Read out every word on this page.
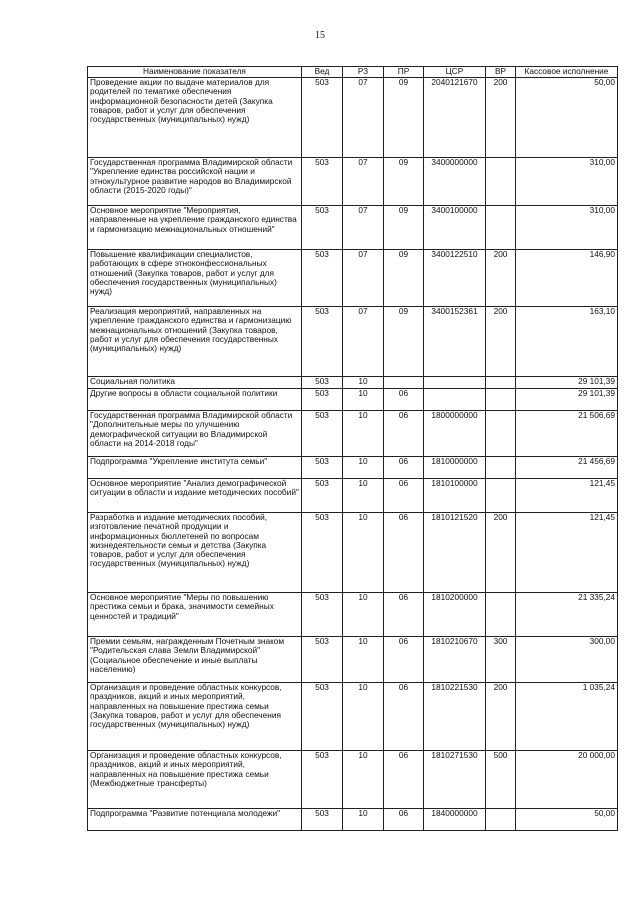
15
Наименование показателя	Вед	РЗ	ПР	ЦСР	ВР	Кассовое исполнение
Проведение акции по выдаче материалов для родителей по тематике обеспечения информационной безопасности детей (Закупка товаров, работ и услуг для обеспечения государственных (муниципальных) нужд)	503	07	09	2040121670	200	50,00
Государственная программа Владимирской области "Укрепление единства российской нации и этнокультурное развитие народов во Владимирской области (2015-2020 годы)"	503	07	09	3400000000		310,00
Основное мероприятие "Мероприятия, направленные на укрепление гражданского единства и гармонизацию межнациональных отношений"	503	07	09	3400100000		310,00
Повышение квалификации специалистов, работающих в сфере этноконфессиональных отношений (Закупка товаров, работ и услуг для обеспечения государственных (муниципальных) нужд)	503	07	09	3400122510	200	146,90
Реализация мероприятий, направленных на укрепление гражданского единства и гармонизацию межнациональных отношений (Закупка товаров, работ и услуг для обеспечения государственных (муниципальных) нужд)	503	07	09	3400152361	200	163,10
Социальная политика	503	10				29 101,39
Другие вопросы в области социальной политики	503	10	06			29 101,39
Государственная программа Владимирской области "Дополнительные меры по улучшению демографической ситуации во Владимирской области на 2014-2018 годы"	503	10	06	1800000000		21 506,69
Подпрограмма "Укрепление института семьи"	503	10	06	1810000000		21 456,69
Основное мероприятие "Анализ демографической ситуации в области и издание методических пособий"	503	10	06	1810100000		121,45
Разработка и издание методических пособий, изготовление печатной продукции и информационных бюллетеней по вопросам жизнедеятельности семьи и детства (Закупка товаров, работ и услуг для обеспечения государственных (муниципальных) нужд)	503	10	06	1810121520	200	121,45
Основное мероприятие "Меры по повышению престижа семьи и брака, значимости семейных ценностей и традиций"	503	10	06	1810200000		21 335,24
Премии семьям, награжденным Почетным знаком "Родительская слава Земли Владимирской" (Социальное обеспечение и иные выплаты населению)	503	10	06	1810210670	300	300,00
Организация и проведение областных конкурсов, праздников, акций и иных мероприятий, направленных на повышение престижа семьи (Закупка товаров, работ и услуг для обеспечения государственных (муниципальных) нужд)	503	10	06	1810221530	200	1 035,24
Организация и проведение областных конкурсов, праздников, акций и иных мероприятий, направленных на повышение престижа семьи (Межбюджетные трансферты)	503	10	06	1810271530	500	20 000,00
Подпрограмма "Развитие потенциала молодежи"	503	10	06	1840000000		50,00
